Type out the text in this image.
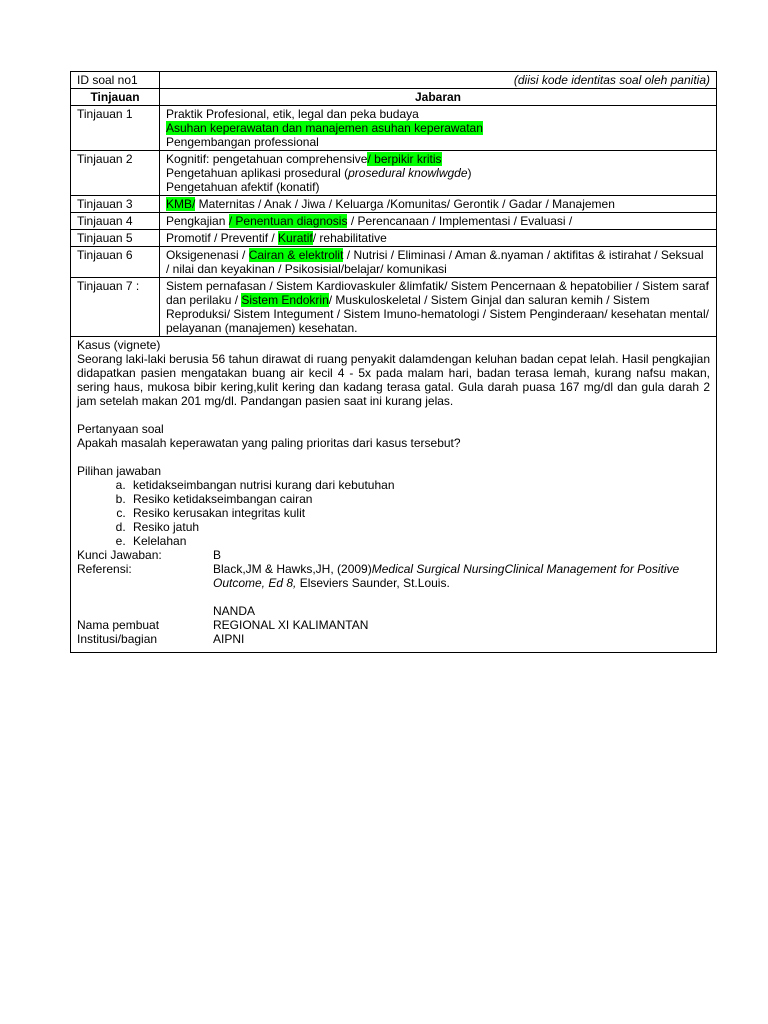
ID soal no1	(diisi kode identitas soal oleh panitia)
Tinjauan	Jabaran
Tinjauan 1	Praktik Profesional, etik, legal dan peka budaya
Asuhan keperawatan dan manajemen asuhan keperawatan
Pengembangan professional

Tinjauan 2	Kognitif: pengetahuan comprehensive/ berpikir kritis
Pengetahuan aplikasi prosedural (prosedural knowlwgde)
Pengetahuan afektif (konatif)

Tinjauan 3	KMB/ Maternitas / Anak / Jiwa / Keluarga /Komunitas/ Gerontik / Gadar / Manajemen

Tinjauan 4	Pengkajian / Penentuan diagnosis / Perencanaan / Implementasi / Evaluasi /

Tinjauan 5	Promotif / Preventif / Kuratif/ rehabilitative

Tinjauan 6	Oksigenenasi / Cairan & elektrolit / Nutrisi / Eliminasi / Aman &.nyaman / aktifitas & istirahat / Seksual / nilai dan keyakinan / Psikosisial/belajar/ komunikasi

Tinjauan 7 :	Sistem pernafasan / Sistem Kardiovaskuler &limfatik/ Sistem Pencernaan & hepatobilier / Sistem saraf dan perilaku / Sistem Endokrin/ Muskuloskeletal / Sistem Ginjal dan saluran kemih / Sistem Reproduksi/ Sistem Integument / Sistem Imuno-hematologi / Sistem Penginderaan/ kesehatan mental/ pelayanan (manajemen) kesehatan.
Kasus (vignete)
Seorang laki-laki berusia 56 tahun dirawat di ruang penyakit dalamdengan keluhan badan cepat lelah. Hasil pengkajian didapatkan pasien mengatakan buang air kecil 4 - 5x pada malam hari, badan terasa lemah, kurang nafsu makan, sering haus, mukosa bibir kering,kulit kering dan kadang terasa gatal. Gula darah puasa 167 mg/dl dan gula darah 2 jam setelah makan 201 mg/dl. Pandangan pasien saat ini kurang jelas.
Pertanyaan soal
Apakah masalah keperawatan yang paling prioritas dari kasus tersebut?
Pilihan jawaban
a. ketidakseimbangan nutrisi kurang dari kebutuhan
b. Resiko ketidakseimbangan cairan
c. Resiko kerusakan integritas kulit
d. Resiko jatuh
e. Kelelahan
Kunci Jawaban:	B
Referensi:	Black,JM & Hawks,JH, (2009)Medical Surgical NursingClinical Management for Positive Outcome, Ed 8, Elseviers Saunder, St.Louis.
NANDA
Nama pembuat	REGIONAL XI KALIMANTAN
Institusi/bagian	AIPNI
